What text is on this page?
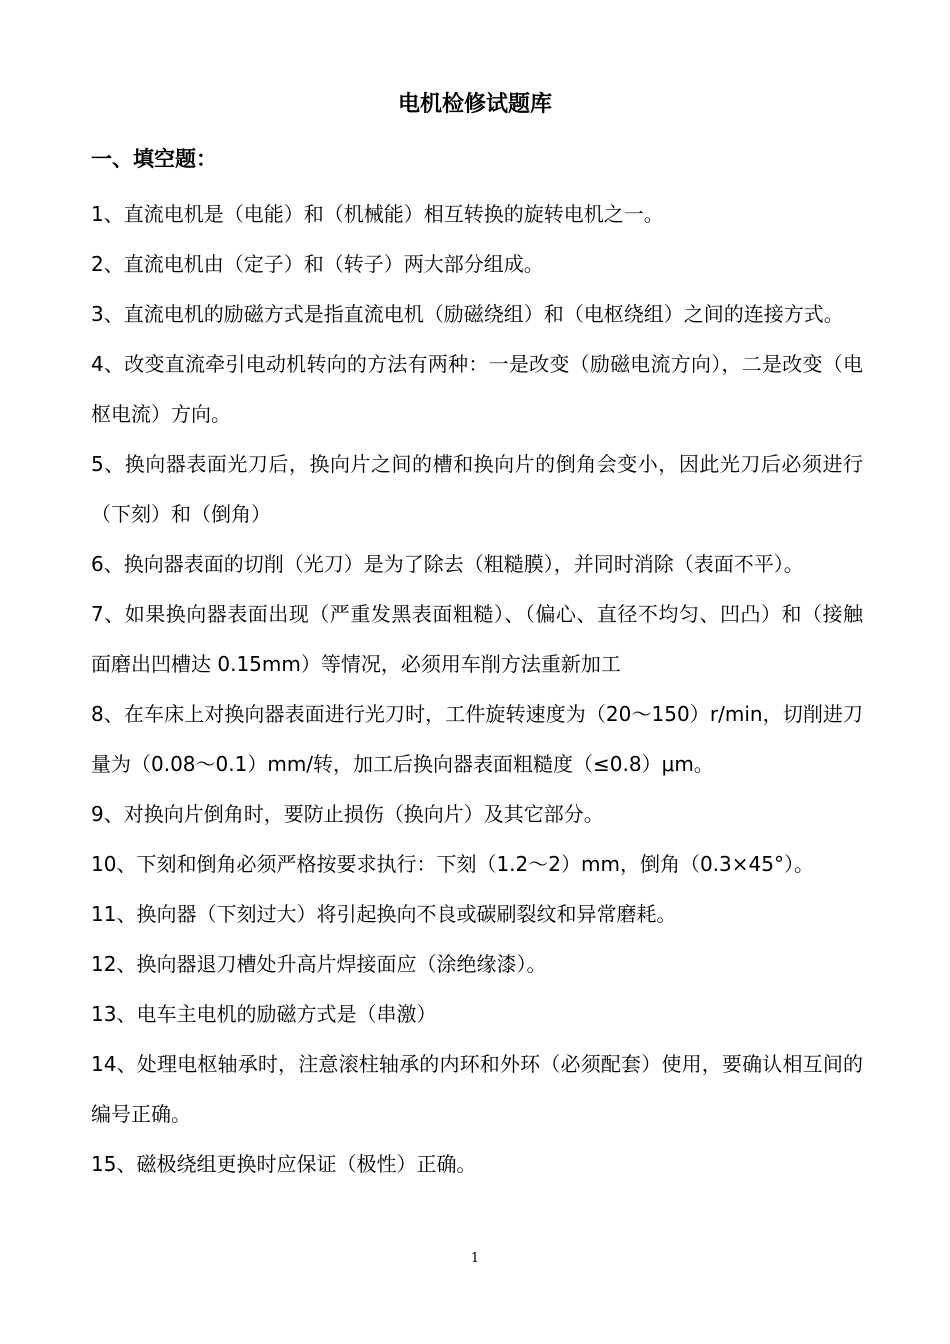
电机检修试题库
一、填空题：

1、直流电机是（电能）和（机械能）相互转换的旋转电机之一。

2、直流电机由（定子）和（转子）两大部分组成。

3、直流电机的励磁方式是指直流电机（励磁绕组）和（电枢绕组）之间的连接方式。

4、改变直流牵引电动机转向的方法有两种：一是改变（励磁电流方向），二是改变（电枢电流）方向。

5、换向器表面光刀后，换向片之间的槽和换向片的倒角会变小，因此光刀后必须进行（下刻）和（倒角）

6、换向器表面的切削（光刀）是为了除去（粗糙膜），并同时消除（表面不平）。

7、如果换向器表面出现（严重发黑表面粗糙）、（偏心、直径不均匀、凹凸）和（接触面磨出凹槽达 0.15mm）等情况，必须用车削方法重新加工

8、在车床上对换向器表面进行光刀时，工件旋转速度为（20～150）r/min，切削进刀量为（0.08～0.1）mm/转，加工后换向器表面粗糙度（≤0.8）μm。

9、对换向片倒角时，要防止损伤（换向片）及其它部分。

10、下刻和倒角必须严格按要求执行：下刻（1.2～2）mm，倒角（0.3×45°）。

11、换向器（下刻过大）将引起换向不良或碳刷裂纹和异常磨耗。

12、换向器退刀槽处升高片焊接面应（涂绝缘漆）。

13、电车主电机的励磁方式是（串激）

14、处理电枢轴承时，注意滚柱轴承的内环和外环（必须配套）使用，要确认相互间的编号正确。

15、磁极绕组更换时应保证（极性）正确。

1
